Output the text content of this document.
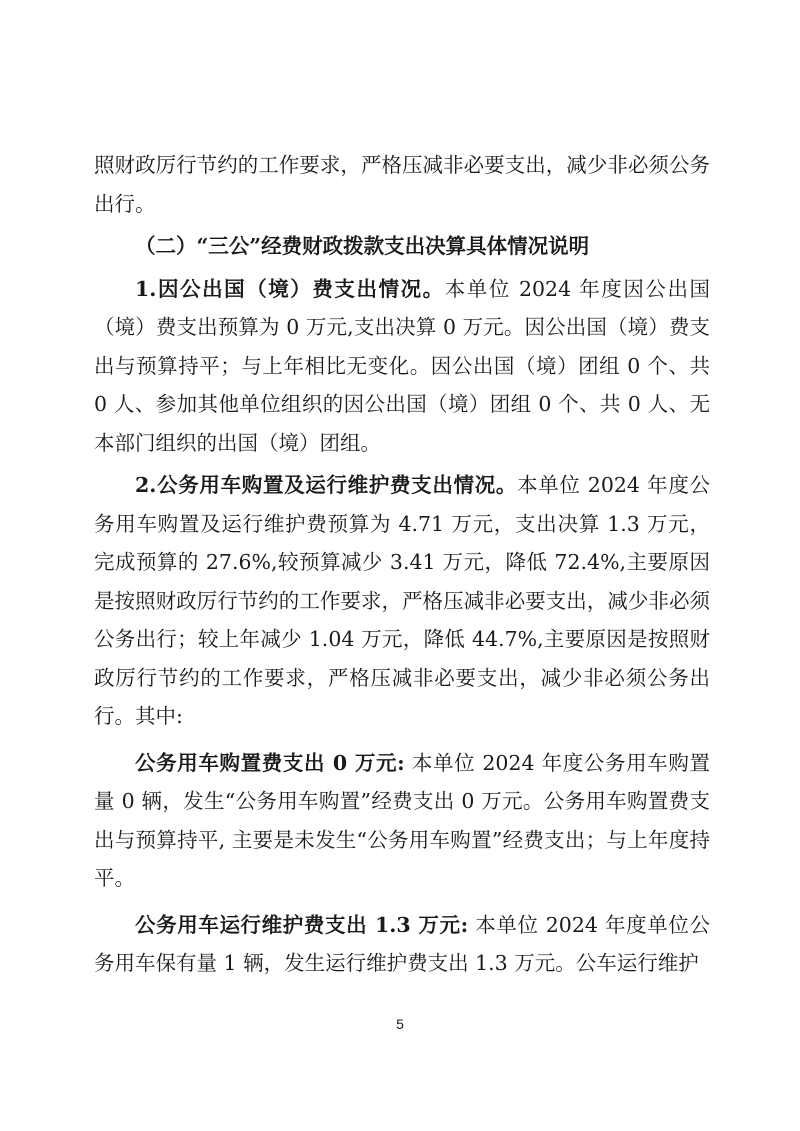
照财政厉行节约的工作要求，严格压减非必要支出，减少非必须公务出行。

（二）“三公”经费财政拨款支出决算具体情况说明

1.因公出国（境）费支出情况。本单位 2024 年度因公出国（境）费支出预算为 0 万元,支出决算 0 万元。因公出国（境）费支出与预算持平；与上年相比无变化。因公出国（境）团组 0 个、共 0 人、参加其他单位组织的因公出国（境）团组 0 个、共 0 人、无本部门组织的出国（境）团组。

2.公务用车购置及运行维护费支出情况。本单位 2024 年度公务用车购置及运行维护费预算为 4.71 万元，支出决算 1.3 万元，完成预算的 27.6%,较预算减少 3.41 万元，降低 72.4%,主要原因是按照财政厉行节约的工作要求，严格压减非必要支出，减少非必须公务出行；较上年减少 1.04 万元，降低 44.7%,主要原因是按照财政厉行节约的工作要求，严格压减非必要支出，减少非必须公务出行。其中:

公务用车购置费支出 0 万元: 本单位 2024 年度公务用车购置量 0 辆，发生“公务用车购置”经费支出 0 万元。公务用车购置费支出与预算持平, 主要是未发生“公务用车购置”经费支出；与上年度持平。

公务用车运行维护费支出 1.3 万元: 本单位 2024 年度单位公务用车保有量 1 辆，发生运行维护费支出 1.3 万元。公车运行维护

5
